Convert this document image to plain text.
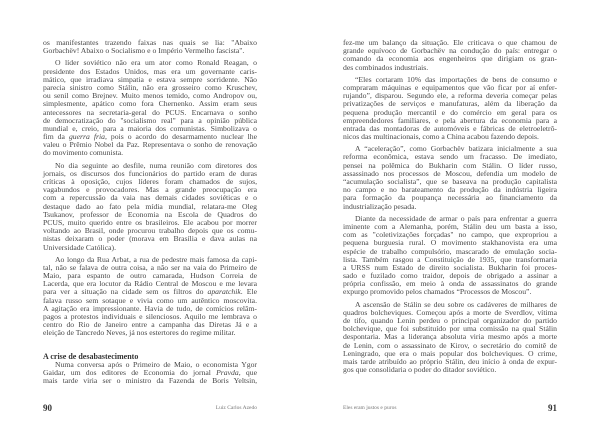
os manifestantes trazendo faixas nas quais se lia: "Abaixo
Gorbachëv! Abaixo o Socialismo e o Império Vermelho fascista".
O líder soviético não era um ator como Ronald Reagan, o
presidente dos Estados Unidos, mas era um governante caris-
mático, que irradiava simpatia e estava sempre sorridente. Não
parecia sinistro como Stálin, não era grosseiro como Kruschev,
ou senil como Brejnev. Muito menos temido, como Andropov ou,
simplesmente, apático como fora Chernenko. Assim eram seus
antecessores na secretaria-geral do PCUS. Encarnava o sonho
de democratização do "socialismo real" para a opinião pública
mundial e, creio, para a maioria dos comunistas. Simbolizava o
fim da guerra fria, pois o acordo do desarmamento nuclear lhe
valeu o Prêmio Nobel da Paz. Representava o sonho de renovação
do movimento comunista.
No dia seguinte ao desfile, numa reunião com diretores dos
jornais, os discursos dos funcionários do partido eram de duras
críticas à oposição, cujos líderes foram chamados de sujos,
vagabundos e provocadores. Mas a grande preocupação era
com a repercussão da vaia nas demais cidades soviéticas e o
destaque dado ao fato pela mídia mundial, relatara-me Oleg
Tsukanov, professor de Economia na Escola de Quadros do
PCUS, muito querido entre os brasileiros. Ele acabou por morrer
voltando ao Brasil, onde procurou trabalho depois que os comu-
nistas deixaram o poder (morava em Brasília e dava aulas na
Universidade Católica).
Ao longo da Rua Arbat, a rua de pedestre mais famosa da capi-
tal, não se falava de outra coisa, a não ser na vaia do Primeiro de
Maio, para espanto de outro camarada, Hudson Correia de
Lacerda, que era locutor da Rádio Central de Moscou e me levara
para ver a situação na cidade sem os filtros do aparatchik. Ele
falava russo sem sotaque e vivia como um autêntico moscovita.
A agitação era impressionante. Havia de tudo, de comícios relâm-
pagos a protestos individuais e silenciosos. Aquilo me lembrava o
centro do Rio de Janeiro entre a campanha das Diretas Já e a
eleição de Tancredo Neves, já nos estertores do regime militar.
A crise de desabastecimento
Numa conversa após o Primeiro de Maio, o economista Ygor
Gaidar, um dos editores de Economia do jornal Pravda, que
mais tarde viria ser o ministro da Fazenda de Boris Yeltsin,
90	Luiz Carlos Azedo
fez-me um balanço da situação. Ele criticava o que chamou de
grande equívoco de Gorbachëv na condução do país: entregar o
comando da economia aos engenheiros que dirigiam os gran-
des combinados industriais.
“Eles cortaram 10% das importações de bens de consumo e
compraram máquinas e equipamentos que vão ficar por aí enfer-
rujando”, disparou. Segundo ele, a reforma deveria começar pelas
privatizações de serviços e manufaturas, além da liberação da
pequena produção mercantil e do comércio em geral para os
empreendedores familiares, e pela abertura da economia para a
entrada das montadoras de automóveis e fábricas de eletroeletrô-
nicos das multinacionais, como a China acabou fazendo depois.
A “aceleração”, como Gorbachëv batizara inicialmente a sua
reforma econômica, estava sendo um fracasso. De imediato,
pensei na polêmica do Bukharin com Stálin. O líder russo,
assassinado nos processos de Moscou, defendia um modelo de
“acumulação socialista”, que se baseava na produção capitalista
no campo e no barateamento da produção da indústria ligeira
para formação da poupança necessária ao financiamento da
industrialização pesada.
Diante da necessidade de armar o país para enfrentar a guerra
iminente com a Alemanha, porém, Stálin deu um basta a isso,
com as "coletivizações forçadas" no campo, que expropriou a
pequena burguesia rural. O movimento stakhanovista era uma
espécie de trabalho compulsório, mascarado de emulação socia-
lista. Também rasgou a Constituição de 1935, que transformaria
a URSS num Estado de direito socialista. Bukharin foi proces-
sado e fuzilado como traidor, depois de obrigado a assinar a
própria confissão, em meio à onda de assassinatos do grande
expurgo promovido pelos chamados “Processos de Moscou”.
A ascensão de Stálin se deu sobre os cadáveres de milhares de
quadros bolcheviques. Começou após a morte de Sverdlov, vítima
de tifo, quando Lenin perdeu o principal organizador do partido
bolchevique, que foi substituído por uma comissão na qual Stálin
despontaria. Mas a liderança absoluta viria mesmo após a morte
de Lenin, com o assassinato de Kirov, o secretário do comitê de
Leningrado, que era o mais popular dos bolcheviques. O crime,
mais tarde atribuído ao próprio Stálin, deu início à onda de expur-
gos que consolidaria o poder do ditador soviético.
Eles eram justos e puros	91
